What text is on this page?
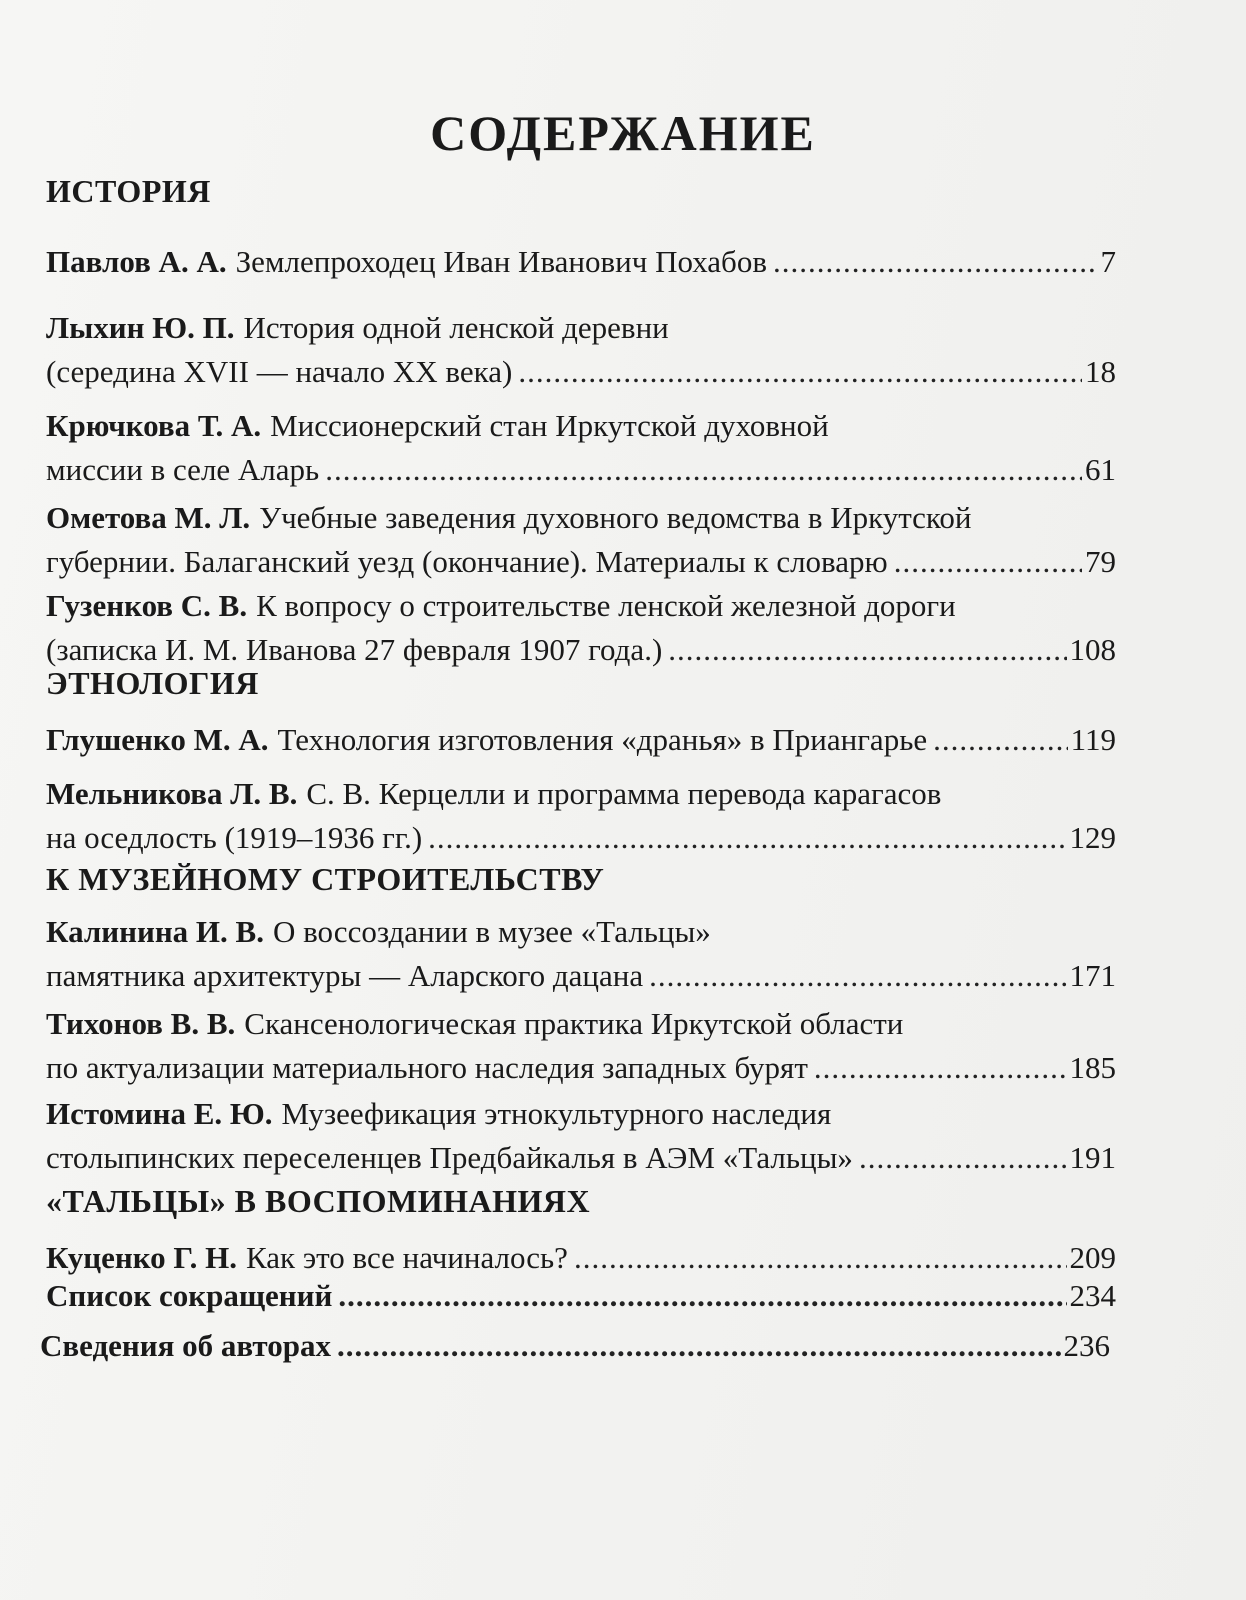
СОДЕРЖАНИЕ
ИСТОРИЯ
Павлов А. А. Землепроходец Иван Иванович Похабов .....	7
Лыхин Ю. П. История одной ленской деревни
(середина XVII — начало XX века) .....	18
Крючкова Т. А. Миссионерский стан Иркутской духовной
миссии в селе Аларь .....	61
Ометова М. Л. Учебные заведения духовного ведомства в Иркутской
губернии. Балаганский уезд (окончание). Материалы к словарю .....	79
Гузенков С. В. К вопросу о строительстве ленской железной дороги
(записка И. М. Иванова 27 февраля 1907 года.) .....	108
ЭТНОЛОГИЯ
Глушенко М. А. Технология изготовления «дранья» в Приангарье .....	119
Мельникова Л. В. С. В. Керцелли и программа перевода карагасов
на оседлость (1919–1936 гг.) .....	129
К МУЗЕЙНОМУ СТРОИТЕЛЬСТВУ
Калинина И. В. О воссоздании в музее «Тальцы»
памятника архитектуры — Аларского дацана .....	171
Тихонов В. В. Скансенологическая практика Иркутской области
по актуализации материального наследия западных бурят .....	185
Истомина Е. Ю. Музеефикация этнокультурного наследия
столыпинских переселенцев Предбайкалья в АЭМ «Тальцы» .....	191
«ТАЛЬЦЫ» В ВОСПОМИНАНИЯХ
Куценко Г. Н. Как это все начиналось? .....	209
Список сокращений .....	234
Сведения об авторах .....	236
